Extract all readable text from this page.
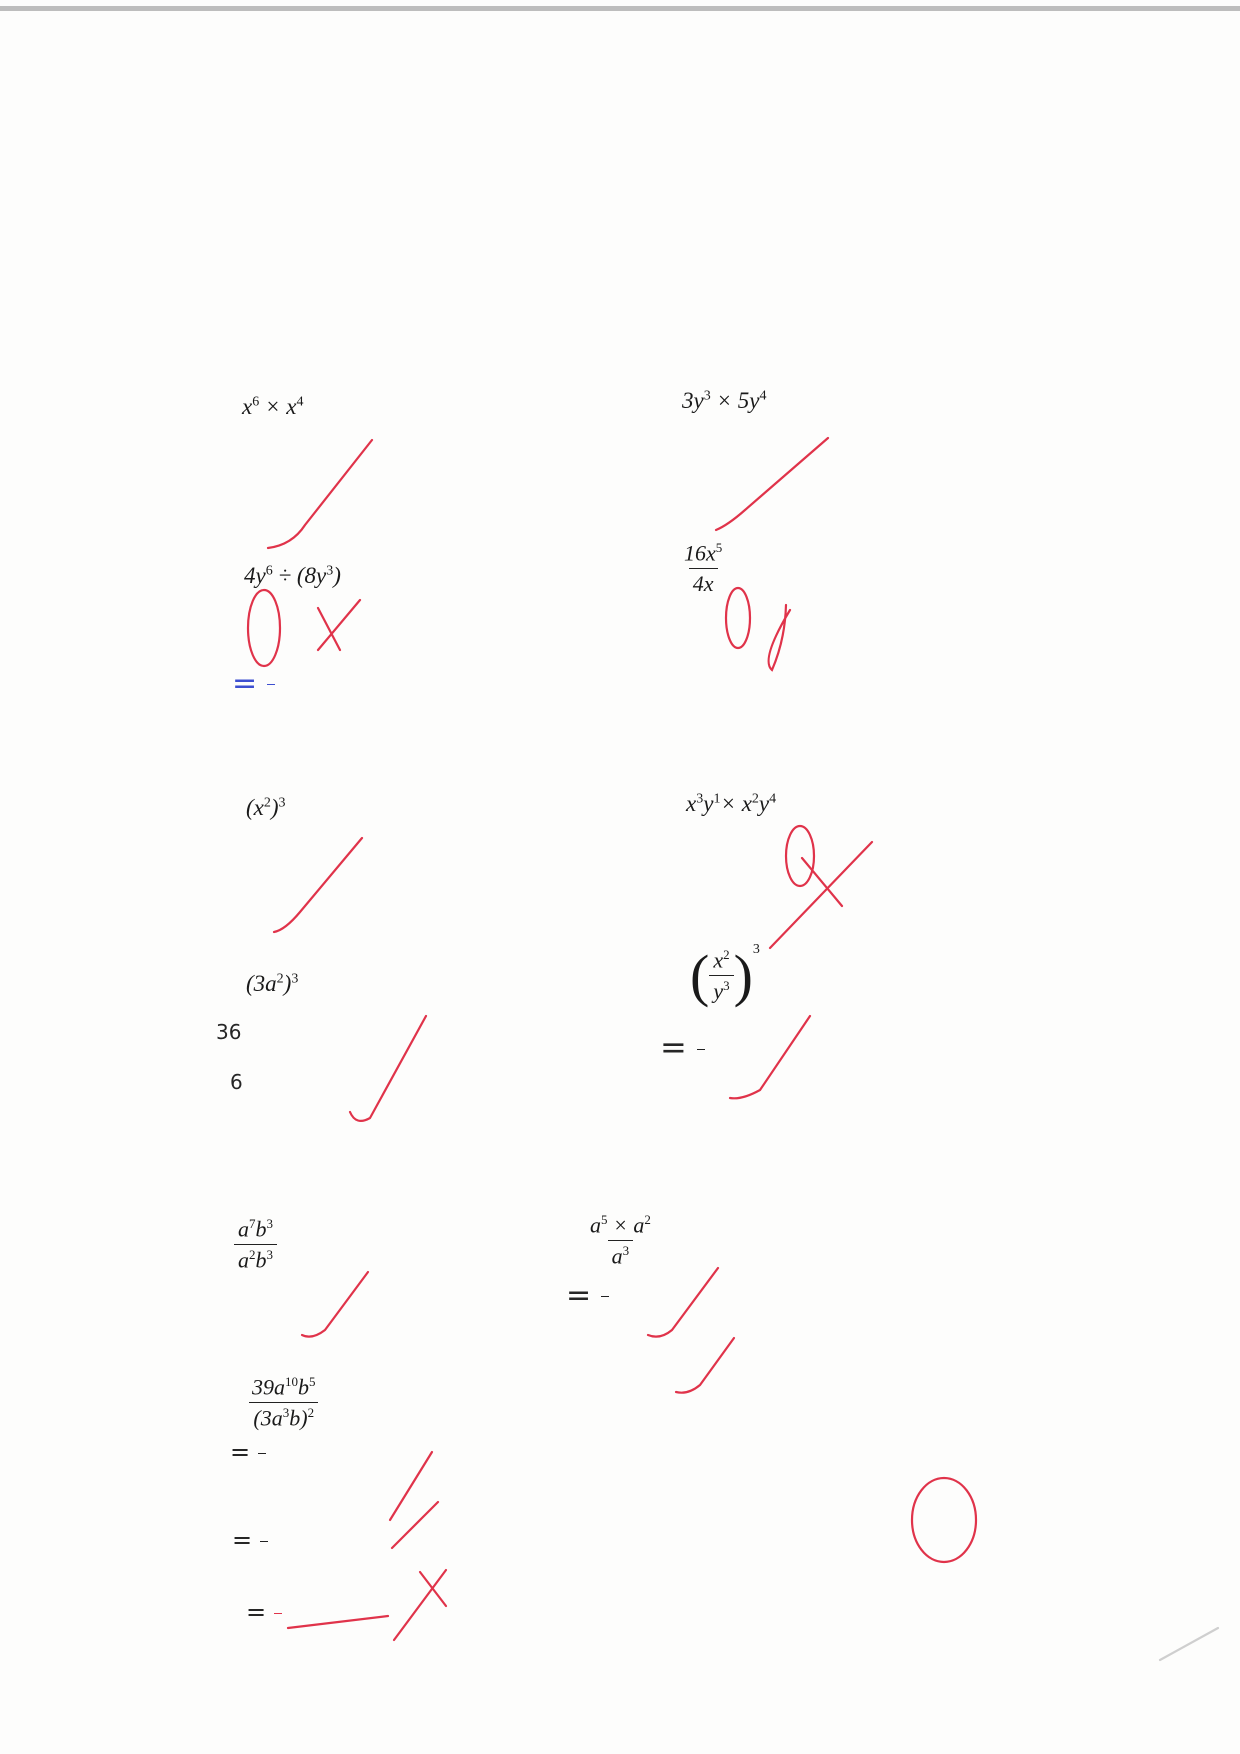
$x^6 \times x^4$	$3y^3 \times 5y^4$
$4y^6 \div (8y^3)$
=
$\frac{16x^5}{4x}$
$(x^2)^3$	$x^3y^1\times x^2y^4$
$(3a^2)^3$
$^{36}$
$^6$
( $\frac{x^2}{y^3} )^3$
=
$\frac{a^7b^3}{a^2b^3}$	$\frac{a^5 \times a^2}{a^3}$
=
$\frac{39a^{10}b^5}{(3a^3b)^2}$
=
=
=
